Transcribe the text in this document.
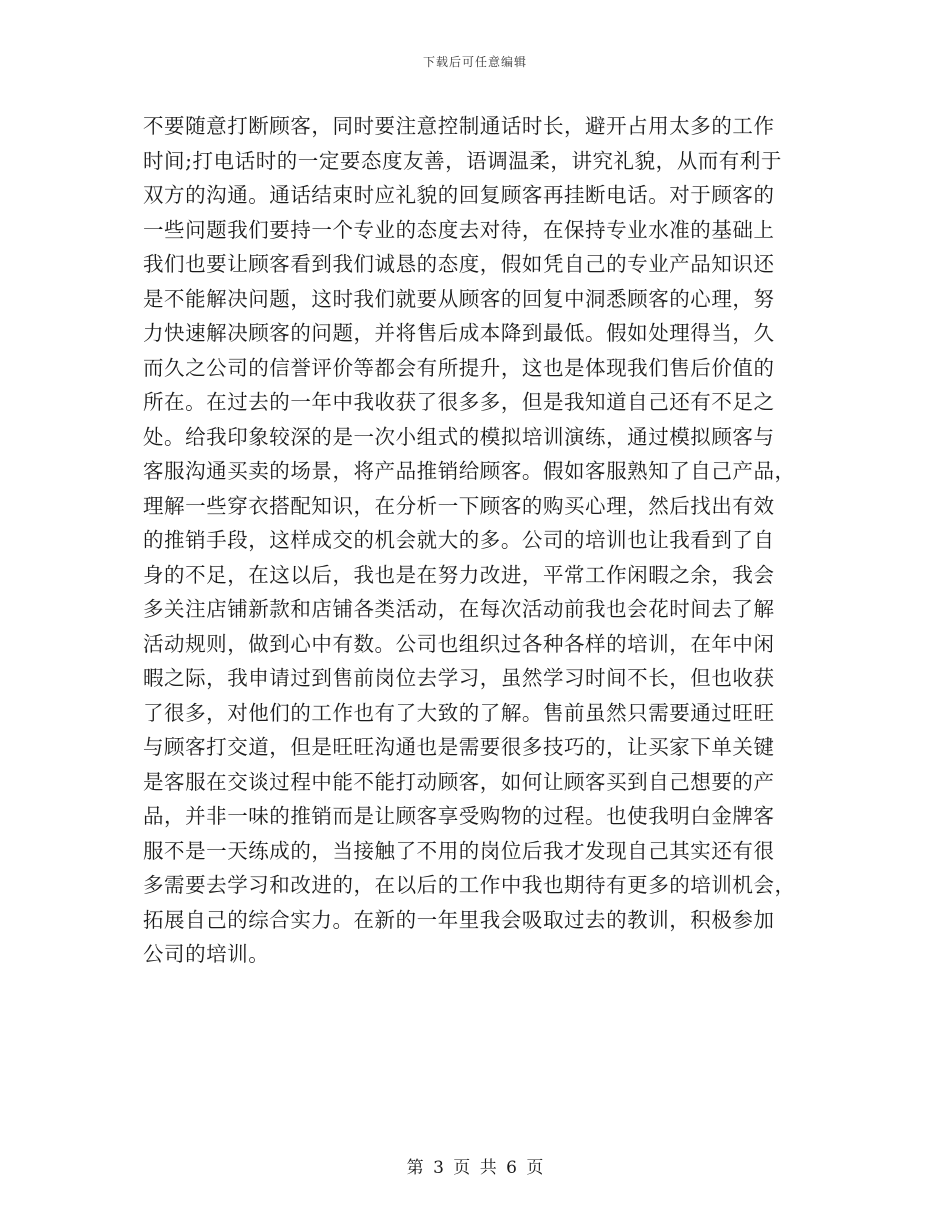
下载后可任意编辑
不要随意打断顾客，同时要注意控制通话时长，避开占用太多的工作
时间;打电话时的一定要态度友善，语调温柔，讲究礼貌，从而有利于
双方的沟通。通话结束时应礼貌的回复顾客再挂断电话。对于顾客的
一些问题我们要持一个专业的态度去对待，在保持专业水准的基础上
我们也要让顾客看到我们诚恳的态度，假如凭自己的专业产品知识还
是不能解决问题，这时我们就要从顾客的回复中洞悉顾客的心理，努
力快速解决顾客的问题，并将售后成本降到最低。假如处理得当，久
而久之公司的信誉评价等都会有所提升，这也是体现我们售后价值的
所在。在过去的一年中我收获了很多多，但是我知道自己还有不足之
处。给我印象较深的是一次小组式的模拟培训演练，通过模拟顾客与
客服沟通买卖的场景，将产品推销给顾客。假如客服熟知了自己产品，
理解一些穿衣搭配知识，在分析一下顾客的购买心理，然后找出有效
的推销手段，这样成交的机会就大的多。公司的培训也让我看到了自
身的不足，在这以后，我也是在努力改进，平常工作闲暇之余，我会
多关注店铺新款和店铺各类活动，在每次活动前我也会花时间去了解
活动规则，做到心中有数。公司也组织过各种各样的培训，在年中闲
暇之际，我申请过到售前岗位去学习，虽然学习时间不长，但也收获
了很多，对他们的工作也有了大致的了解。售前虽然只需要通过旺旺
与顾客打交道，但是旺旺沟通也是需要很多技巧的，让买家下单关键
是客服在交谈过程中能不能打动顾客，如何让顾客买到自己想要的产
品，并非一味的推销而是让顾客享受购物的过程。也使我明白金牌客
服不是一天练成的，当接触了不用的岗位后我才发现自己其实还有很
多需要去学习和改进的，在以后的工作中我也期待有更多的培训机会，
拓展自己的综合实力。在新的一年里我会吸取过去的教训，积极参加
公司的培训。
第 3 页 共 6 页
